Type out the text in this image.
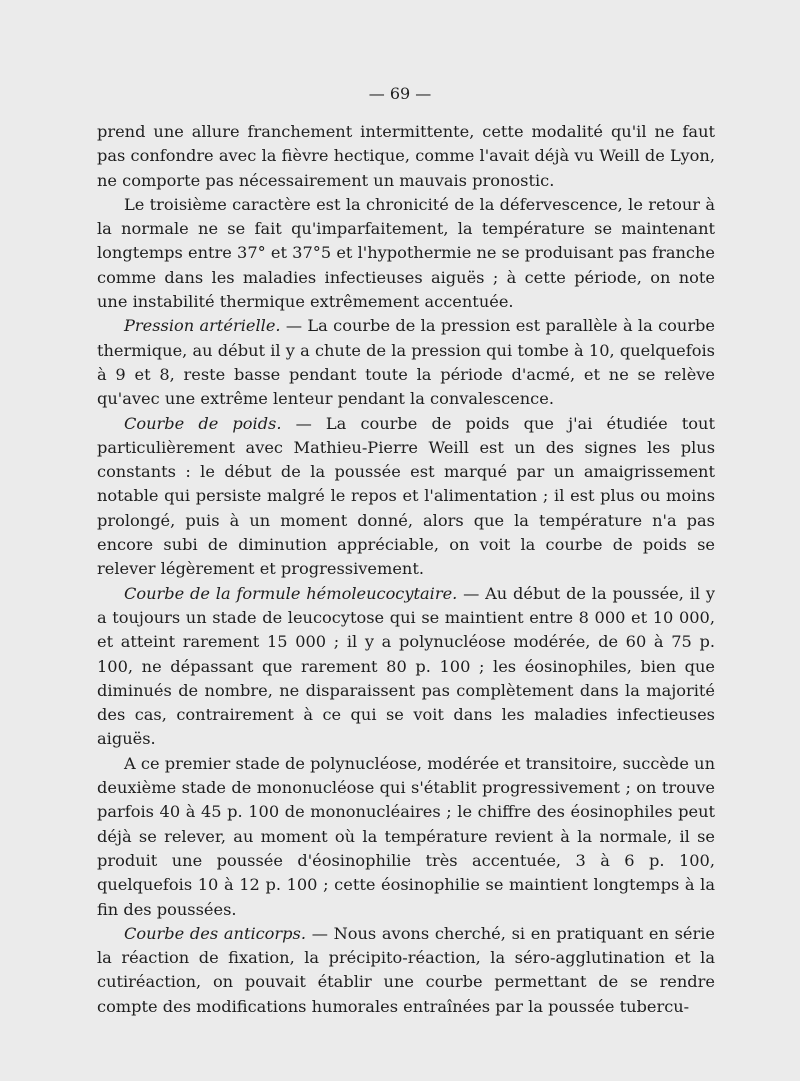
— 69 —

prend une allure franchement intermittente, cette modalité qu'il ne faut pas confondre avec la fièvre hectique, comme l'avait déjà vu Weill de Lyon, ne comporte pas nécessairement un mauvais pronostic.

Le troisième caractère est la chronicité de la défervescence, le retour à la normale ne se fait qu'imparfaitement, la température se maintenant longtemps entre 37° et 37°5 et l'hypothermie ne se produisant pas franche comme dans les maladies infectieuses aiguës ; à cette période, on note une instabilité thermique extrêmement accentuée.

Pression artérielle. — La courbe de la pression est parallèle à la courbe thermique, au début il y a chute de la pression qui tombe à 10, quelquefois à 9 et 8, reste basse pendant toute la période d'acmé, et ne se relève qu'avec une extrême lenteur pendant la convalescence.

Courbe de poids. — La courbe de poids que j'ai étudiée tout particulièrement avec Mathieu-Pierre Weill est un des signes les plus constants : le début de la poussée est marqué par un amaigrissement notable qui persiste malgré le repos et l'alimentation ; il est plus ou moins prolongé, puis à un moment donné, alors que la température n'a pas encore subi de diminution appréciable, on voit la courbe de poids se relever légèrement et progressivement.

Courbe de la formule hémoleucocytaire. — Au début de la poussée, il y a toujours un stade de leucocytose qui se maintient entre 8 000 et 10 000, et atteint rarement 15 000 ; il y a polynucléose modérée, de 60 à 75 p. 100, ne dépassant que rarement 80 p. 100 ; les éosinophiles, bien que diminués de nombre, ne disparaissent pas complètement dans la majorité des cas, contrairement à ce qui se voit dans les maladies infectieuses aiguës.

A ce premier stade de polynucléose, modérée et transitoire, succède un deuxième stade de mononucléose qui s'établit progressivement ; on trouve parfois 40 à 45 p. 100 de mononucléaires ; le chiffre des éosinophiles peut déjà se relever, au moment où la température revient à la normale, il se produit une poussée d'éosinophilie très accentuée, 3 à 6 p. 100, quelquefois 10 à 12 p. 100 ; cette éosinophilie se maintient longtemps à la fin des poussées.

Courbe des anticorps. — Nous avons cherché, si en pratiquant en série la réaction de fixation, la précipito-réaction, la séro-agglutination et la cutiréaction, on pouvait établir une courbe permettant de se rendre compte des modifications humorales entraînées par la poussée tubercu-
